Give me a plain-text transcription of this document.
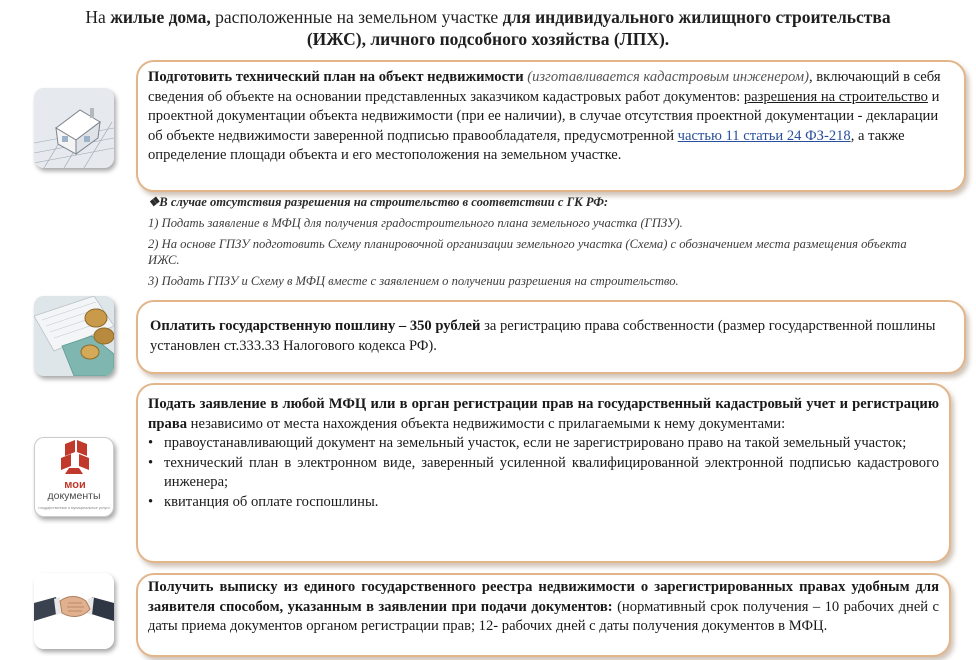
На жилые дома, расположенные на земельном участке для индивидуального жилищного строительства
(ИЖС), личного подсобного хозяйства (ЛПХ).
Подготовить технический план на объект недвижимости (изготавливается кадастровым инженером), включающий в себя сведения об объекте на основании представленных заказчиком кадастровых работ документов: разрешения на строительство и проектной документации объекта недвижимости (при ее наличии), в случае отсутствия проектной документации - декларации об объекте недвижимости заверенной подписью правообладателя, предусмотренной частью 11 статьи 24 ФЗ-218, а также определение площади объекта и его местоположения на земельном участке.

❖В случае отсутствия разрешения на строительство в соответствии с ГК РФ:

1) Подать заявление в МФЦ для получения градостроительного плана земельного участка (ГПЗУ).

2) На основе ГПЗУ подготовить Схему планировочной организации земельного участка (Схема) с обозначением места размещения объекта ИЖС.

3) Подать ГПЗУ и Схему в МФЦ вместе с заявлением о получении разрешения на строительство.

Оплатить государственную пошлину – 350 рублей за регистрацию права собственности (размер государственной пошлины установлен ст.333.33 Налогового кодекса РФ).
мои
документы
государственные и муниципальные услуги
Подать заявление в любой МФЦ или в орган регистрации прав на государственный кадастровый учет и регистрацию права независимо от места нахождения объекта недвижимости с прилагаемыми к нему документами:
• правоустанавливающий документ на земельный участок, если не зарегистрировано право на такой земельный участок;
• технический план в электронном виде, заверенный усиленной квалифицированной электронной подписью кадастрового инженера;
• квитанция об оплате госпошлины.
Получить выписку из единого государственного реестра недвижимости о зарегистрированных правах удобным для заявителя способом, указанным в заявлении при подачи документов: (нормативный срок получения – 10 рабочих дней с даты приема документов органом регистрации прав; 12- рабочих дней с даты получения документов в МФЦ.
